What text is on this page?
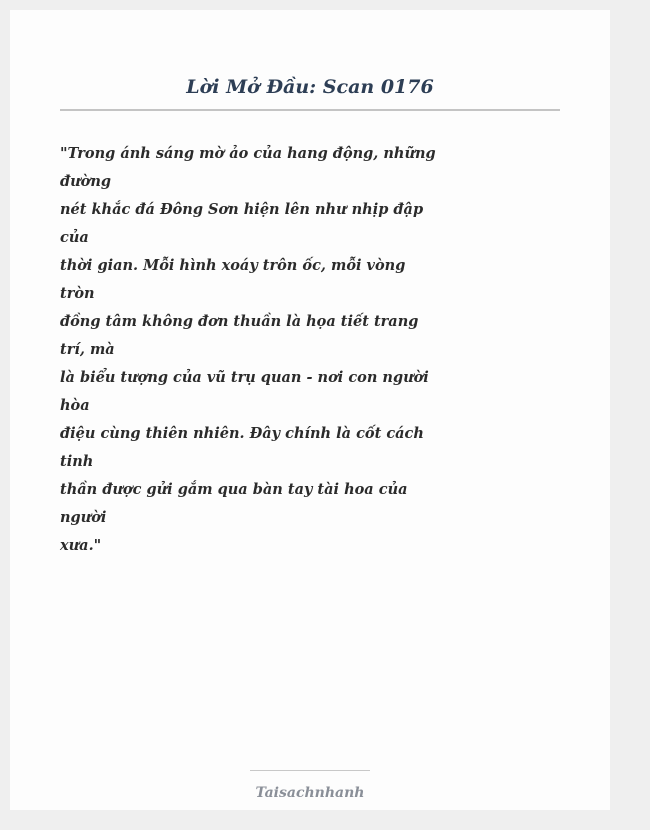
Lời Mở Đầu: Scan 0176
"Trong ánh sáng mờ ảo của hang động, những
đường
nét khắc đá Đông Sơn hiện lên như nhịp đập
của
thời gian. Mỗi hình xoáy trôn ốc, mỗi vòng
tròn
đồng tâm không đơn thuần là họa tiết trang
trí, mà
là biểu tượng của vũ trụ quan - nơi con người
hòa
điệu cùng thiên nhiên. Đây chính là cốt cách
tinh
thần được gửi gắm qua bàn tay tài hoa của
người
xưa."
Taisachnhanh
